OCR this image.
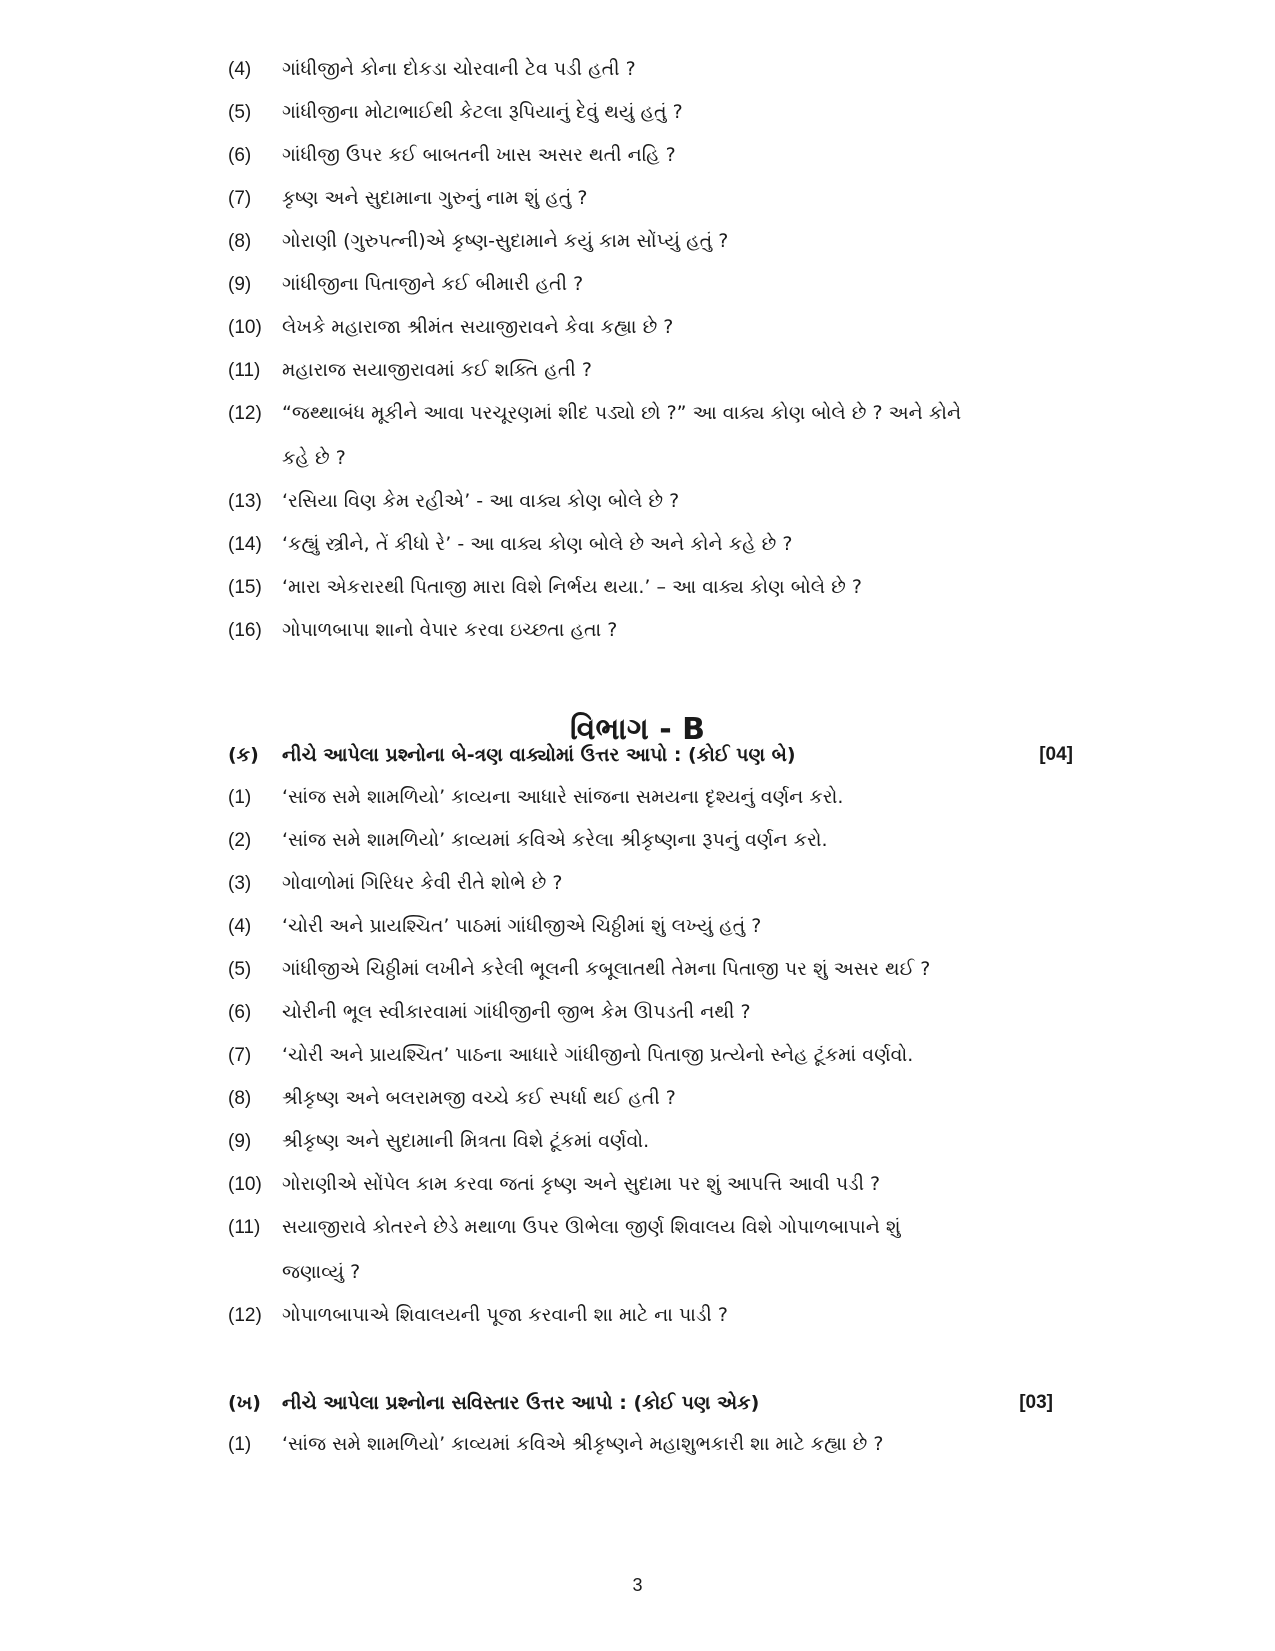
(4) ગાંધીજીને કોના દોકડા ચોરવાની ટેવ પડી હતી ?
(5) ગાંધીજીના મોટાભાઈથી કેટલા રૂપિયાનું દેવું થયું હતું ?
(6) ગાંધીજી ઉપર કઈ બાબતની ખાસ અસર થતી નહિ ?
(7) કૃષ્ણ અને સુદામાના ગુરુનું નામ શું હતું ?
(8) ગોરાણી (ગુરુપત્ની)એ કૃષ્ણ-સુદામાને કયું કામ સોંપ્યું હતું ?
(9) ગાંધીજીના પિતાજીને કઈ બીમારી હતી ?
(10) લેખકે મહારાજા શ્રીમંત સયાજીરાવને કેવા કહ્યા છે ?
(11) મહારાજ સયાજીરાવમાં કઈ શક્તિ હતી ?
(12) “જથ્થાબંધ મૂકીને આવા પરચૂરણમાં શીદ પડ્યો છો ?” આ વાક્ય કોણ બોલે છે ? અને કોને
કહે છે ?
(13) ‘રસિયા વિણ કેમ રહીએ’ - આ વાક્ય કોણ બોલે છે ?
(14) ‘કહ્યું સ્ત્રીને, તેં કીધો રે’ - આ વાક્ય કોણ બોલે છે અને કોને કહે છે ?
(15) ‘મારા એકરારથી પિતાજી મારા વિશે નિર્ભય થયા.’ – આ વાક્ય કોણ બોલે છે ?
(16) ગોપાળબાપા શાનો વેપાર કરવા ઇચ્છતા હતા ?
વિભાગ - B
(ક) નીચે આપેલા પ્રશ્નોના બે-ત્રણ વાક્યોમાં ઉત્તર આપો : (કોઈ પણ બે)	[04]
(1) ‘સાંજ સમે શામળિયો’ કાવ્યના આધારે સાંજના સમયના દૃશ્યનું વર્ણન કરો.
(2) ‘સાંજ સમે શામળિયો’ કાવ્યમાં કવિએ કરેલા શ્રીકૃષ્ણના રૂપનું વર્ણન કરો.
(3) ગોવાળોમાં ગિરિધર કેવી રીતે શોભે છે ?
(4) ‘ચોરી અને પ્રાયશ્ચિત’ પાઠમાં ગાંધીજીએ ચિઠ્ઠીમાં શું લખ્યું હતું ?
(5) ગાંધીજીએ ચિઠ્ઠીમાં લખીને કરેલી ભૂલની કબૂલાતથી તેમના પિતાજી પર શું અસર થઈ ?
(6) ચોરીની ભૂલ સ્વીકારવામાં ગાંધીજીની જીભ કેમ ઊપડતી નથી ?
(7) ‘ચોરી અને પ્રાયશ્ચિત’ પાઠના આધારે ગાંધીજીનો પિતાજી પ્રત્યેનો સ્નેહ ટૂંકમાં વર્ણવો.
(8) શ્રીકૃષ્ણ અને બલરામજી વચ્ચે કઈ સ્પર્ધા થઈ હતી ?
(9) શ્રીકૃષ્ણ અને સુદામાની મિત્રતા વિશે ટૂંકમાં વર્ણવો.
(10) ગોરાણીએ સોંપેલ કામ કરવા જતાં કૃષ્ણ અને સુદામા પર શું આપત્તિ આવી પડી ?
(11) સયાજીરાવે કોતરને છેડે મથાળા ઉપર ઊભેલા જીર્ણ શિવાલય વિશે ગોપાળબાપાને શું
જણાવ્યું ?
(12) ગોપાળબાપાએ શિવાલયની પૂજા કરવાની શા માટે ના પાડી ?
(ખ) નીચે આપેલા પ્રશ્નોના સવિસ્તાર ઉત્તર આપો : (કોઈ પણ એક)	[03]
(1) ‘સાંજ સમે શામળિયો’ કાવ્યમાં કવિએ શ્રીકૃષ્ણને મહાશુભકારી શા માટે કહ્યા છે ?
3
